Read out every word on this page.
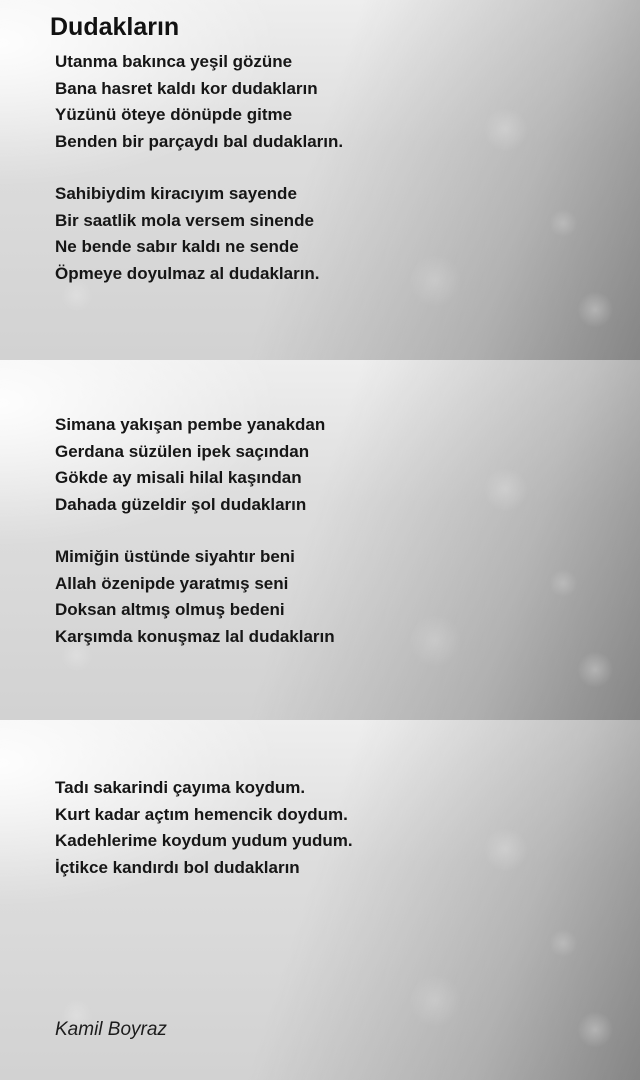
Dudakların
Utanma bakınca yeşil gözüne
Bana hasret kaldı kor dudakların
Yüzünü öteye dönüpde gitme
Benden bir parçaydı bal dudakların.
Sahibiydim kiracıyım sayende
Bir saatlik mola versem sinende
Ne bende sabır kaldı ne sende
Öpmeye doyulmaz al dudakların.
Simana yakışan pembe yanakdan
Gerdana süzülen ipek saçından
Gökde ay misali hilal kaşından
Dahada güzeldir şol dudakların
Mimiğin üstünde siyahtır beni
Allah özenipde yaratmış seni
Doksan altmış olmuş bedeni
Karşımda konuşmaz lal dudakların
Tadı sakarindi çayıma koydum.
Kurt kadar açtım hemencik doydum.
Kadehlerime koydum yudum yudum.
İçtikce kandırdı bol dudakların
Kamil Boyraz
